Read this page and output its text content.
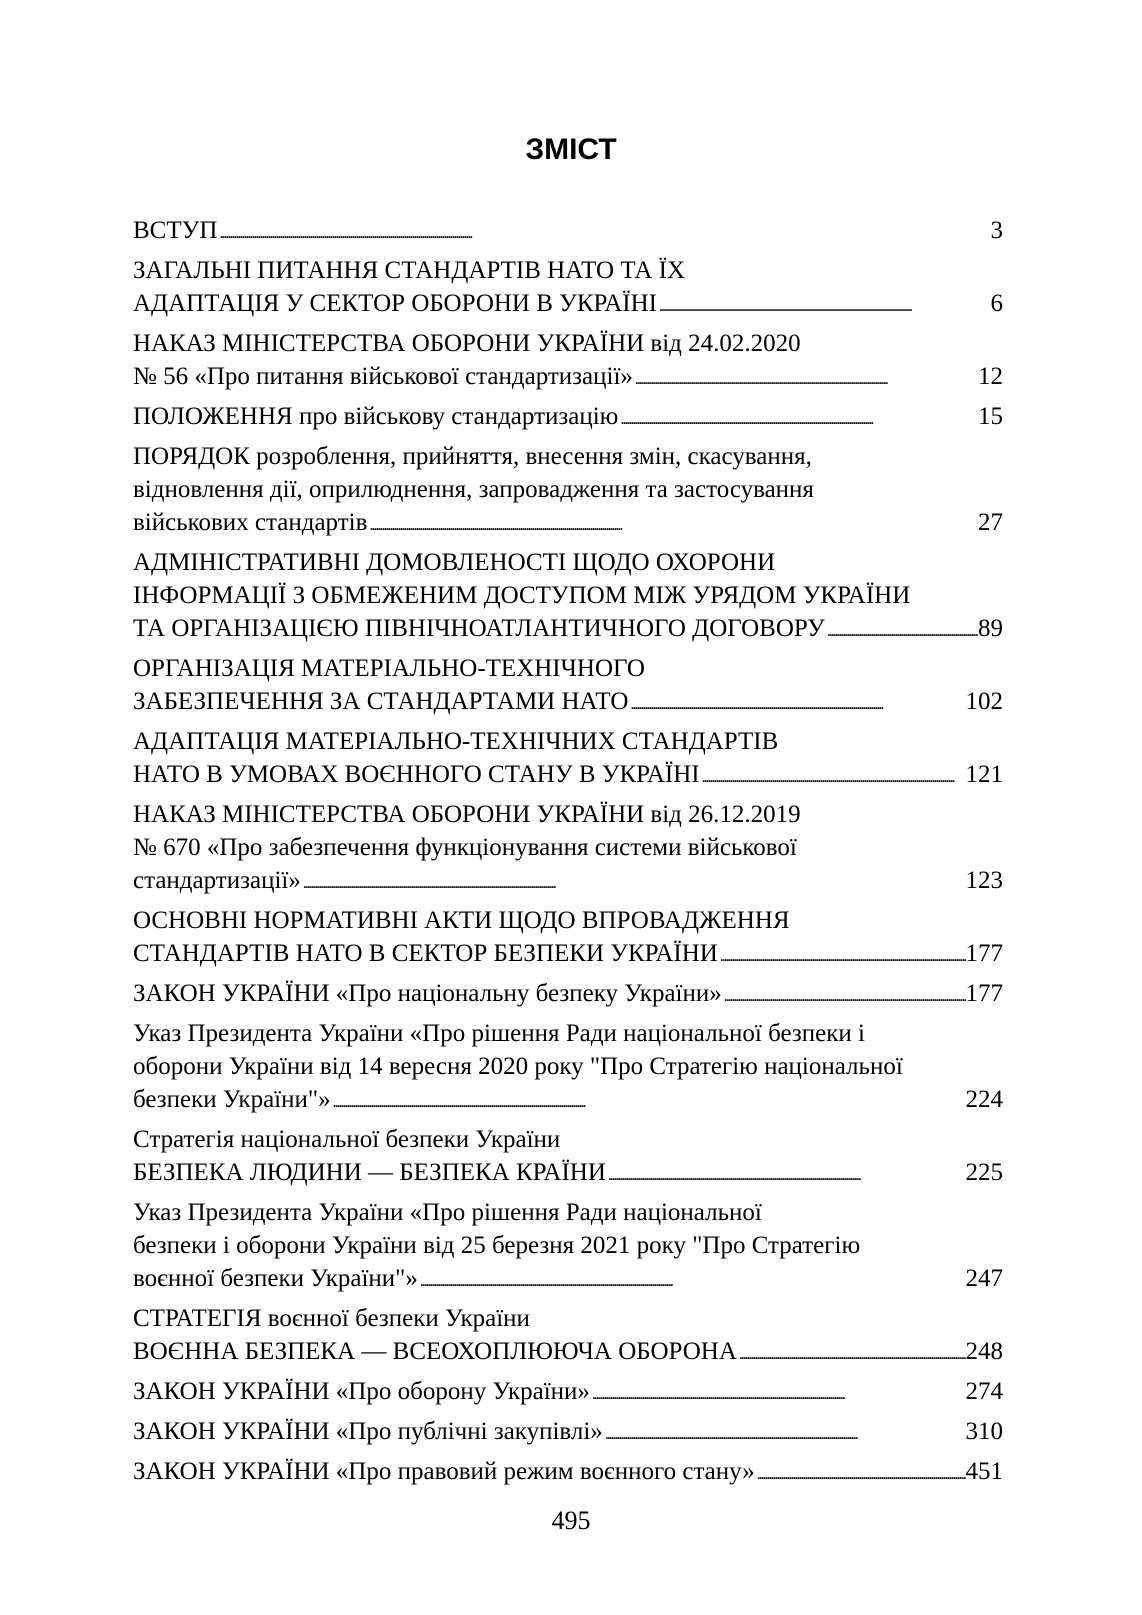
ЗМІСТ
ВСТУП . . .	3
ЗАГАЛЬНІ ПИТАННЯ СТАНДАРТІВ НАТО ТА ЇХ
АДАПТАЦІЯ У СЕКТОР ОБОРОНИ В УКРАЇНІ . . .	6
НАКАЗ МІНІСТЕРСТВА ОБОРОНИ УКРАЇНИ від 24.02.2020
№ 56 «Про питання військової стандартизації» . . .	12
ПОЛОЖЕННЯ про військову стандартизацію . . .	15
ПОРЯДОК розроблення, прийняття, внесення змін, скасування,
відновлення дії, оприлюднення, запровадження та застосування
військових стандартів . . .	27
АДМІНІСТРАТИВНІ ДОМОВЛЕНОСТІ ЩОДО ОХОРОНИ
ІНФОРМАЦІЇ З ОБМЕЖЕНИМ ДОСТУПОМ МІЖ УРЯДОМ УКРАЇНИ
ТА ОРГАНІЗАЦІЄЮ ПІВНІЧНОАТЛАНТИЧНОГО ДОГОВОРУ . . .	89
ОРГАНІЗАЦІЯ МАТЕРІАЛЬНО-ТЕХНІЧНОГО
ЗАБЕЗПЕЧЕННЯ ЗА СТАНДАРТАМИ НАТО . . .	102
АДАПТАЦІЯ МАТЕРІАЛЬНО-ТЕХНІЧНИХ СТАНДАРТІВ
НАТО В УМОВАХ ВОЄННОГО СТАНУ В УКРАЇНІ . . .	121
НАКАЗ МІНІСТЕРСТВА ОБОРОНИ УКРАЇНИ від 26.12.2019
№ 670 «Про забезпечення функціонування системи військової
стандартизації» . . .	123
ОСНОВНІ НОРМАТИВНІ АКТИ ЩОДО ВПРОВАДЖЕННЯ
СТАНДАРТІВ НАТО В СЕКТОР БЕЗПЕКИ УКРАЇНИ . . .	177
ЗАКОН УКРАЇНИ «Про національну безпеку України» . . .	177
Указ Президента України «Про рішення Ради національної безпеки і
оборони України від 14 вересня 2020 року "Про Стратегію національної
безпеки України"» . . .	224
Стратегія національної безпеки України
БЕЗПЕКА ЛЮДИНИ — БЕЗПЕКА КРАЇНИ . . .	225
Указ Президента України «Про рішення Ради національної
безпеки і оборони України від 25 березня 2021 року "Про Стратегію
воєнної безпеки України"» . . .	247
СТРАТЕГІЯ воєнної безпеки України
ВОЄННА БЕЗПЕКА — ВСЕОХОПЛЮЮЧА ОБОРОНА . . .	248
ЗАКОН УКРАЇНИ «Про оборону України» . . .	274
ЗАКОН УКРАЇНИ «Про публічні закупівлі» . . .	310
ЗАКОН УКРАЇНИ «Про правовий режим воєнного стану» . . .	451
495
